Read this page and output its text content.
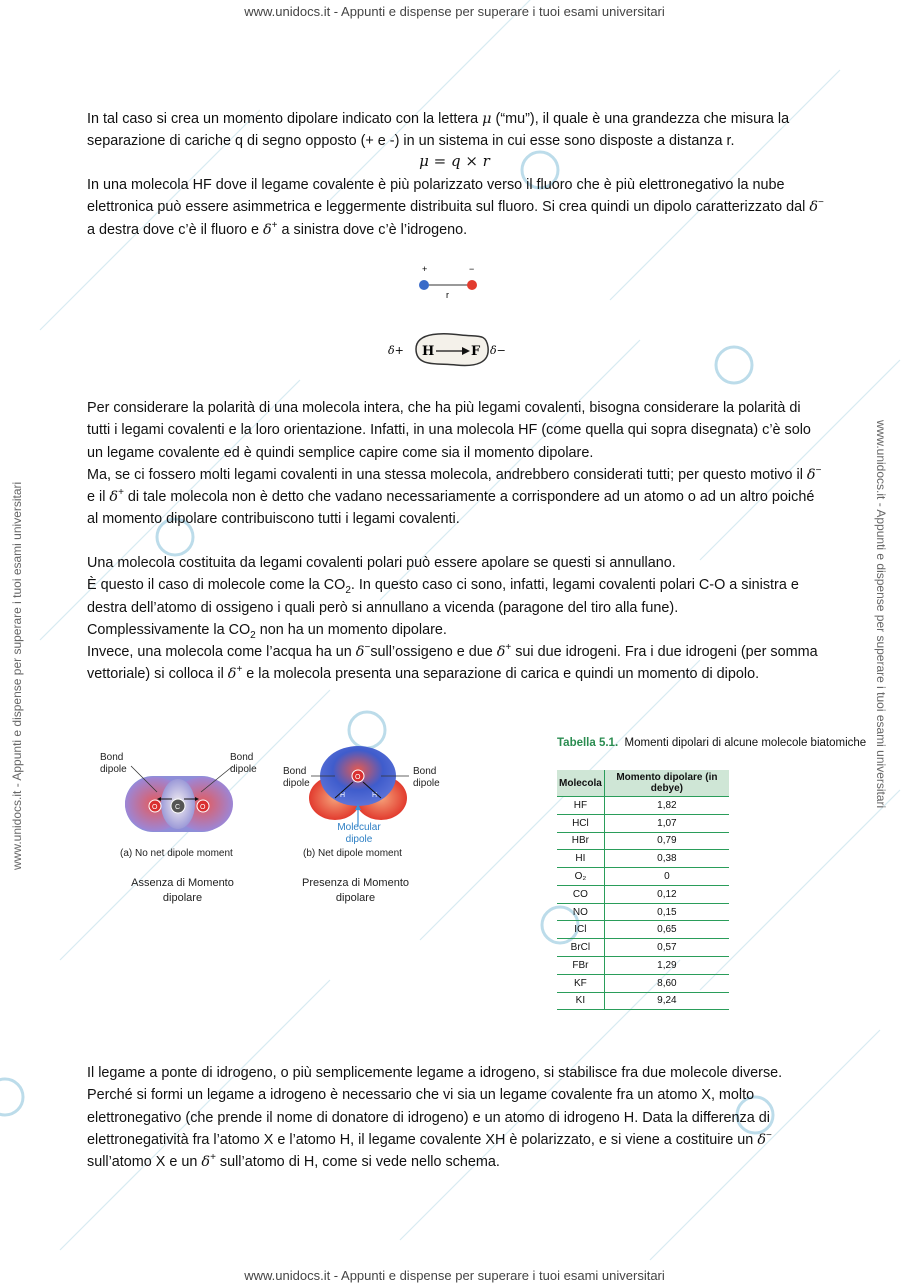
www.unidocs.it - Appunti e dispense per superare i tuoi esami universitari
www.unidocs.it - Appunti e dispense per superare i tuoi esami universitari
www.unidocs.it - Appunti e dispense per superare i tuoi esami universitari	www.unidocs.it - Appunti e dispense per superare i tuoi esami universitari

In tal caso si crea un momento dipolare indicato con la lettera μ (“mu”), il quale è una grandezza che misura la separazione di cariche q di segno opposto (+ e -) in un sistema in cui esse sono disposte a distanza r.

μ = q × r

In una molecola HF dove il legame covalente è più polarizzato verso il fluoro che è più elettronegativo la nube elettronica può essere asimmetrica e leggermente distribuita sul fluoro. Si crea quindi un dipolo caratterizzato dal δ− a destra dove c’è il fluoro e δ+ a sinistra dove c’è l’idrogeno.

+	−
r
δ+ H	F δ−

Per considerare la polarità di una molecola intera, che ha più legami covalenti, bisogna considerare la polarità di tutti i legami covalenti e la loro orientazione. Infatti, in una molecola HF (come quella qui sopra disegnata) c’è solo un legame covalente ed è quindi semplice capire come sia il momento dipolare.
Ma, se ci fossero molti legami covalenti in una stessa molecola, andrebbero considerati tutti; per questo motivo il δ− e il δ+ di tale molecola non è detto che vadano necessariamente a corrispondere ad un atomo o ad un altro poiché al momento dipolare contribuiscono tutti i legami covalenti.

Una molecola costituita da legami covalenti polari può essere apolare se questi si annullano.
È questo il caso di molecole come la $CO_2$. In questo caso ci sono, infatti, legami covalenti polari C-O a sinistra e destra dell’atomo di ossigeno i quali però si annullano a vicenda (paragone del tiro alla fune).
Complessivamente la $CO_2$ non ha un momento dipolare.
Invece, una molecola come l’acqua ha un δ−sull’ossigeno e due δ+ sui due idrogeni. Fra i due idrogeni (per somma vettoriale) si colloca il δ+ e la molecola presenta una separazione di carica e quindi un momento di dipolo.

O	C	O
Bond dipole
Bond dipole
(a) No net dipole moment
Assenza di Momento dipolare
O
H	H
Bond dipole
Bond dipole
Molecular dipole
(b) Net dipole moment
Presenza di Momento dipolare
Tabella 5.1. Momenti dipolari di alcune molecole biatomiche
Molecola	Momento dipolare (in debye)
HF	1,82
HCl	1,07
HBr	0,79
HI	0,38
O₂	0
CO	0,12
NO	0,15
ICl	0,65
BrCl	0,57
FBr	1,29
KF	8,60
KI	9,24

Il legame a ponte di idrogeno, o più semplicemente legame a idrogeno, si stabilisce fra due molecole diverse.
Perché si formi un legame a idrogeno è necessario che vi sia un legame covalente fra un atomo X, molto elettronegativo (che prende il nome di donatore di idrogeno) e un atomo di idrogeno H. Data la differenza di elettronegatività fra l’atomo X e l’atomo H, il legame covalente XH è polarizzato, e si viene a costituire un δ− sull’atomo X e un δ+ sull’atomo di H, come si vede nello schema.
